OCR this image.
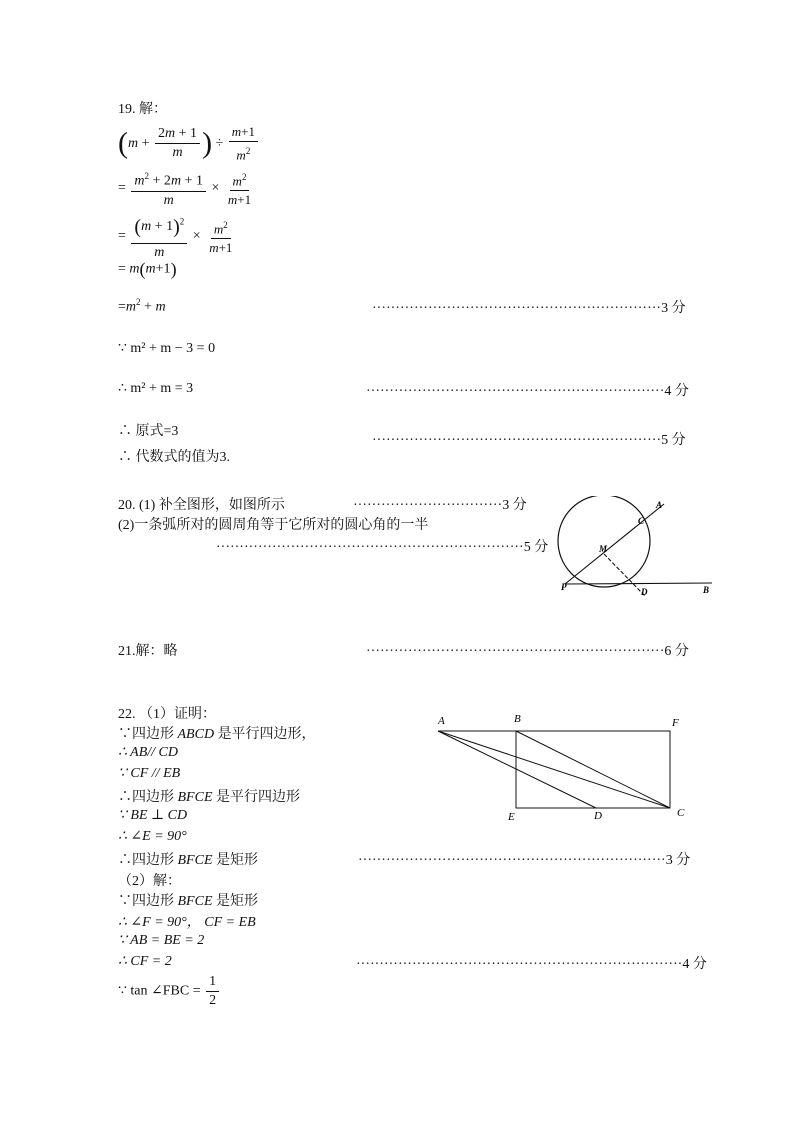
19. 解：
($m + \frac{2m + 1}{m}$ ) ÷ $\frac{m+1}{m^2}$
= $\frac{m^2 + 2m + 1}{m} \times \frac{m^2}{m+1}$
= $\frac{(m + 1)^2}{m} \times \frac{m^2}{m+1}$
= m(m+1)
$=m^2 + m$	······························································3 分
∵ m² + m − 3 = 0
∴ m² + m = 3	································································4 分
∴ 原式=3
······························································5 分
∴ 代数式的值为3.
20. (1) 补全图形，如图所示	································3 分
(2)一条弧所对的圆周角等于它所对的圆心角的一半
··································································5 分
A
C
M
P	D	B
21.解：略	································································6 分
22. （1）证明：
∵四边形 ABCD 是平行四边形，
∴ AB// CD
∵ CF // EB
∴四边形 BFCE 是平行四边形
∵ BE ⊥ CD
∴ ∠E = 90°
∴四边形 BFCE 是矩形	··································································3 分
（2）解：
∵四边形 BFCE 是矩形
∴ ∠F = 90°， CF = EB
∵ AB = BE = 2
∴ CF = 2	······································································4 分
∵ tan ∠FBC = $\frac{1}{2}$
A	B	F
E	D	C
